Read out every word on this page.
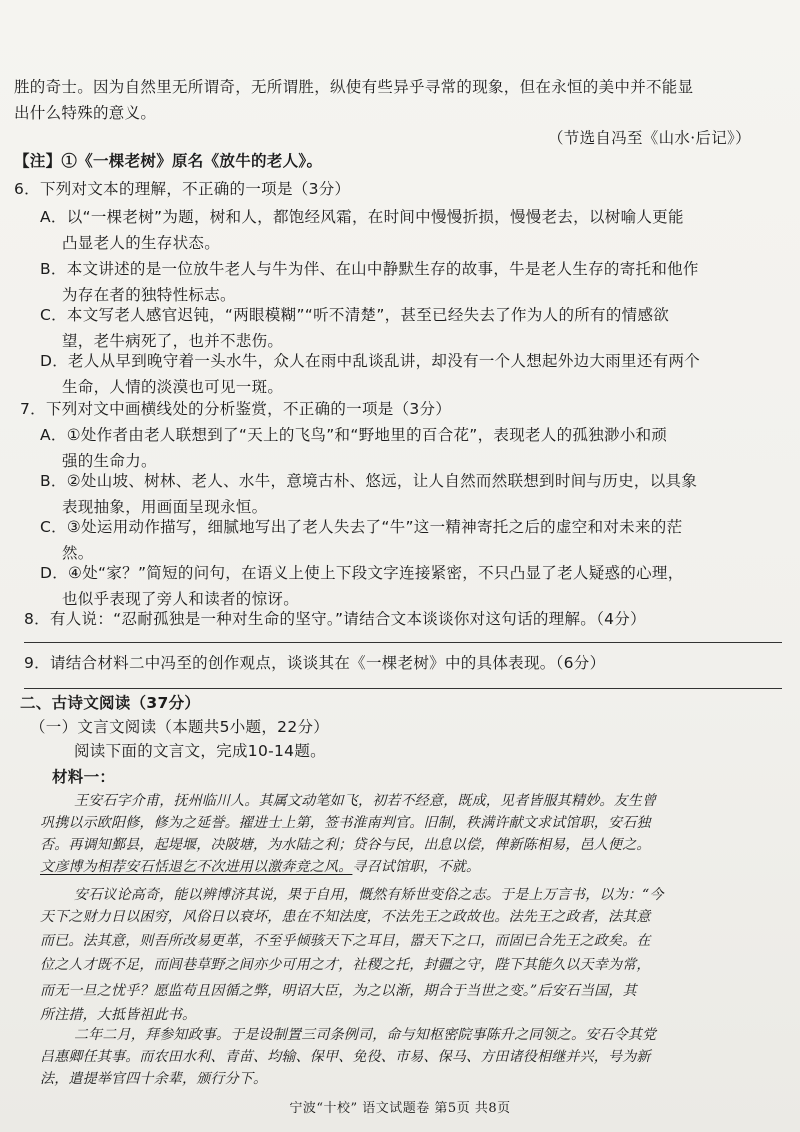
胜的奇士。因为自然里无所谓奇，无所谓胜，纵使有些异乎寻常的现象，但在永恒的美中并不能显
出什么特殊的意义。
（节选自冯至《山水·后记》）
【注】①《一棵老树》原名《放牛的老人》。
6．下列对文本的理解，不正确的一项是（3分）
A．以“一棵老树”为题，树和人，都饱经风霜，在时间中慢慢折损，慢慢老去，以树喻人更能
凸显老人的生存状态。
B．本文讲述的是一位放牛老人与牛为伴、在山中静默生存的故事，牛是老人生存的寄托和他作
为存在者的独特性标志。
C．本文写老人感官迟钝，“两眼模糊”“听不清楚”，甚至已经失去了作为人的所有的情感欲
望，老牛病死了，也并不悲伤。
D．老人从早到晚守着一头水牛，众人在雨中乱谈乱讲，却没有一个人想起外边大雨里还有两个
生命，人情的淡漠也可见一斑。
7．下列对文中画横线处的分析鉴赏，不正确的一项是（3分）
A．①处作者由老人联想到了“天上的飞鸟”和“野地里的百合花”，表现老人的孤独渺小和顽
强的生命力。
B．②处山坡、树林、老人、水牛，意境古朴、悠远，让人自然而然联想到时间与历史，以具象
表现抽象，用画面呈现永恒。
C．③处运用动作描写，细腻地写出了老人失去了“牛”这一精神寄托之后的虚空和对未来的茫
然。
D．④处“家？”简短的问句，在语义上使上下段文字连接紧密，不只凸显了老人疑惑的心理，
也似乎表现了旁人和读者的惊讶。
8．有人说：“忍耐孤独是一种对生命的坚守。”请结合文本谈谈你对这句话的理解。（4分）
9．请结合材料二中冯至的创作观点，谈谈其在《一棵老树》中的具体表现。（6分）
二、古诗文阅读（37分）
（一）文言文阅读（本题共5小题，22分）
阅读下面的文言文，完成10-14题。
材料一：
王安石字介甫，抚州临川人。其属文动笔如飞，初若不经意，既成，见者皆服其精妙。友生曾
巩携以示欧阳修，修为之延誉。擢进士上第，签书淮南判官。旧制，秩满许献文求试馆职，安石独
否。再调知鄞县，起堤堰，决陂塘，为水陆之利；贷谷与民，出息以偿，俾新陈相易，邑人便之。
文彦博为相荐安石恬退乞不次进用以激奔竞之风。寻召试馆职，不就。
安石议论高奇，能以辨博济其说，果于自用，慨然有矫世变俗之志。于是上万言书，以为：“今
天下之财力日以困穷，风俗日以衰坏，患在不知法度，不法先王之政故也。法先王之政者，法其意
而已。法其意，则吾所改易更革，不至乎倾骇天下之耳目，嚣天下之口，而固已合先王之政矣。在
位之人才既不足，而闾巷草野之间亦少可用之才，社稷之托，封疆之守，陛下其能久以天幸为常，
而无一旦之忧乎？愿监苟且因循之弊，明诏大臣，为之以渐，期合于当世之变。”后安石当国，其
所注措，大抵皆祖此书。
二年二月，拜参知政事。于是设制置三司条例司，命与知枢密院事陈升之同领之。安石令其党
吕惠卿任其事。而农田水利、青苗、均输、保甲、免役、市易、保马、方田诸役相继并兴，号为新
法，遣提举官四十余辈，颁行分下。
宁波“十校” 语文试题卷 第5页 共8页
